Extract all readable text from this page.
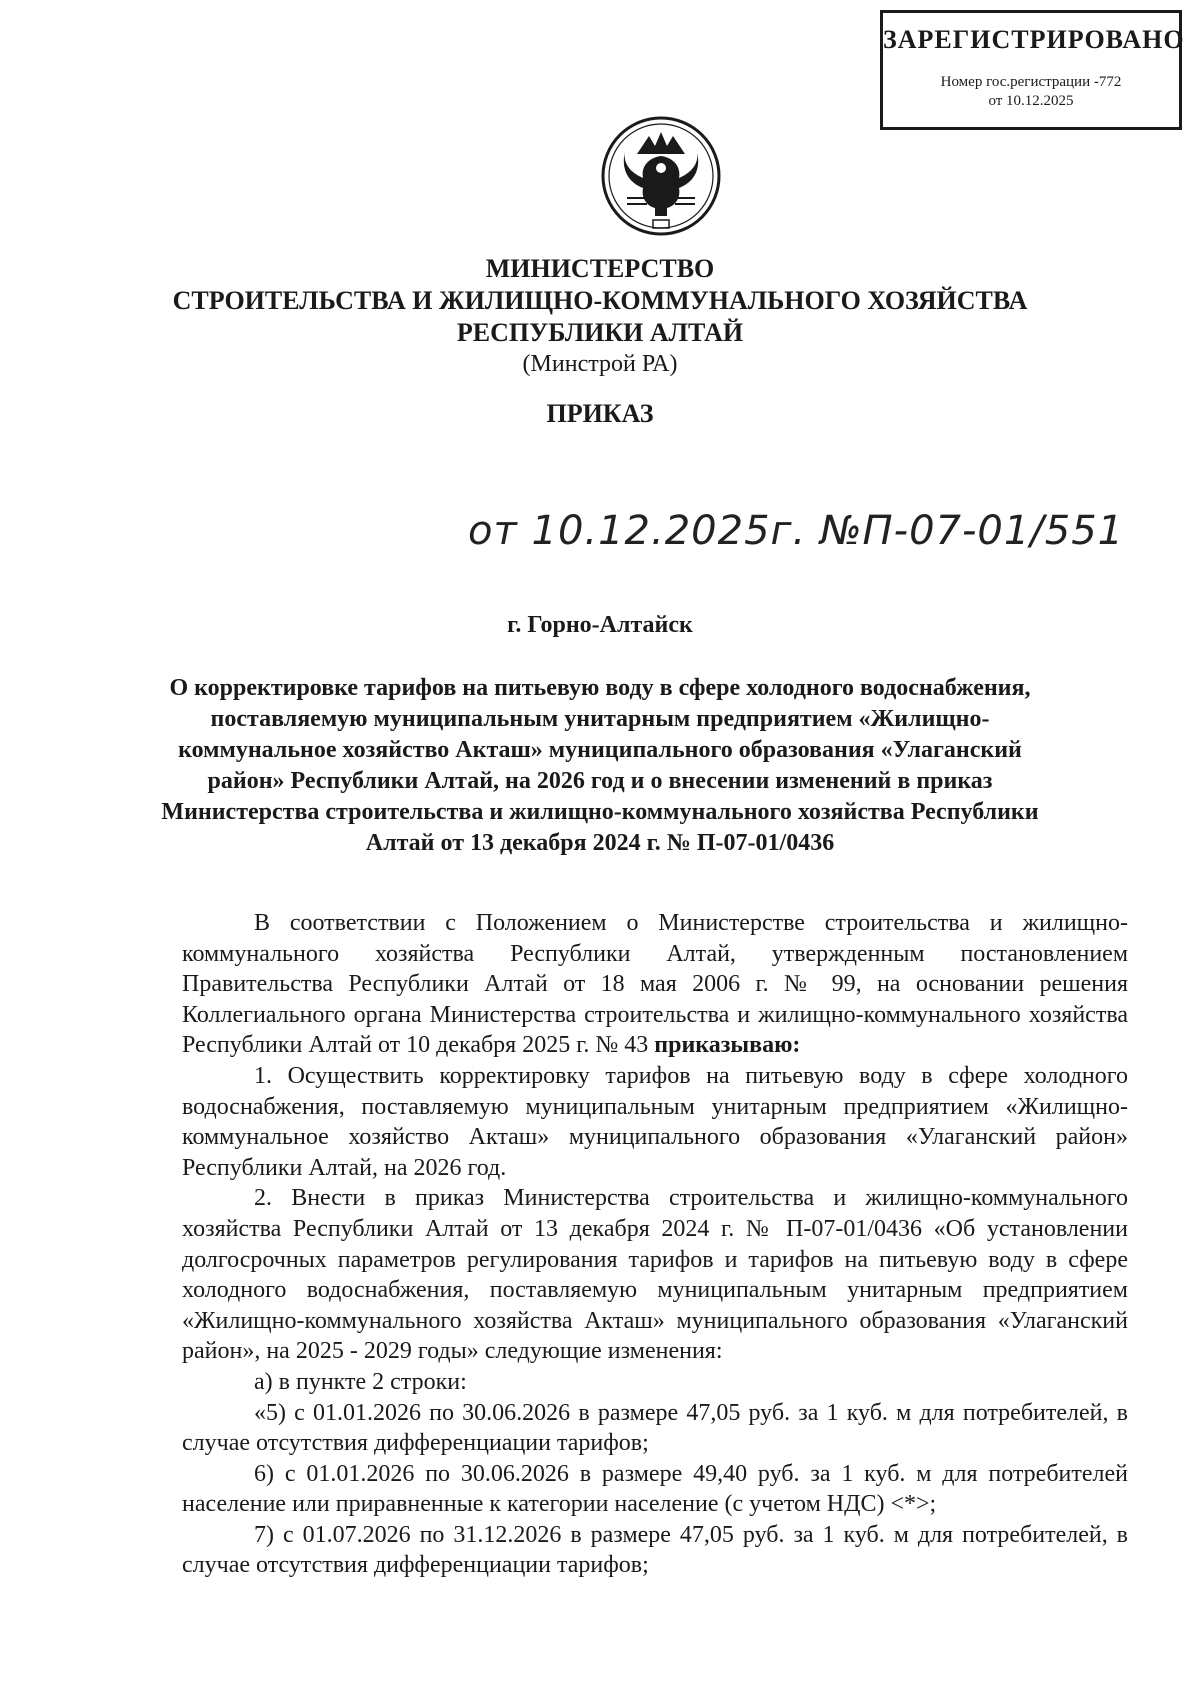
ЗАРЕГИСТРИРОВАНО
Номер гос.регистрации -772
от 10.12.2025
МИНИСТЕРСТВО
СТРОИТЕЛЬСТВА И ЖИЛИЩНО-КОММУНАЛЬНОГО ХОЗЯЙСТВА
РЕСПУБЛИКИ АЛТАЙ
(Минстрой РА)
ПРИКАЗ
от 10.12.2025г. №П-07-01/551
г. Горно-Алтайск
О корректировке тарифов на питьевую воду в сфере холодного водоснабжения, поставляемую муниципальным унитарным предприятием «Жилищно-коммунальное хозяйство Акташ» муниципального образования «Улаганский район» Республики Алтай, на 2026 год и о внесении изменений в приказ Министерства строительства и жилищно-коммунального хозяйства Республики Алтай от 13 декабря 2024 г. № П-07-01/0436

В соответствии с Положением о Министерстве строительства и жилищно-коммунального хозяйства Республики Алтай, утвержденным постановлением Правительства Республики Алтай от 18 мая 2006 г. № 99, на основании решения Коллегиального органа Министерства строительства и жилищно-коммунального хозяйства Республики Алтай от 10 декабря 2025 г. № 43 приказываю:

1. Осуществить корректировку тарифов на питьевую воду в сфере холодного водоснабжения, поставляемую муниципальным унитарным предприятием «Жилищно-коммунальное хозяйство Акташ» муниципального образования «Улаганский район» Республики Алтай, на 2026 год.

2. Внести в приказ Министерства строительства и жилищно-коммунального хозяйства Республики Алтай от 13 декабря 2024 г. № П-07-01/0436 «Об установлении долгосрочных параметров регулирования тарифов и тарифов на питьевую воду в сфере холодного водоснабжения, поставляемую муниципальным унитарным предприятием «Жилищно-коммунального хозяйства Акташ» муниципального образования «Улаганский район», на 2025 - 2029 годы» следующие изменения:

а) в пункте 2 строки:

«5) с 01.01.2026 по 30.06.2026 в размере 47,05 руб. за 1 куб. м для потребителей, в случае отсутствия дифференциации тарифов;

6) с 01.01.2026 по 30.06.2026 в размере 49,40 руб. за 1 куб. м для потребителей население или приравненные к категории население (с учетом НДС) <*>;

7) с 01.07.2026 по 31.12.2026 в размере 47,05 руб. за 1 куб. м для потребителей, в случае отсутствия дифференциации тарифов;
